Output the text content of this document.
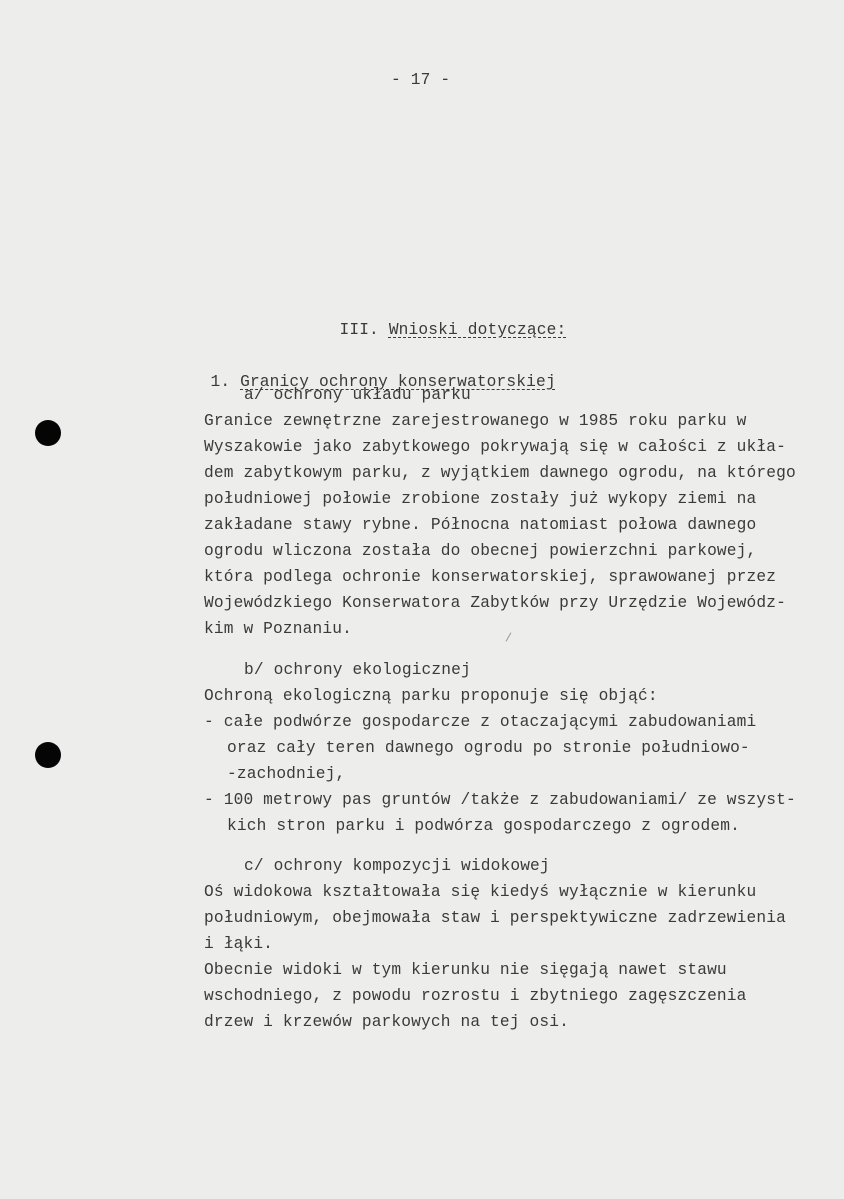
- 17 -

III. Wnioski dotyczące:

1. Granicy ochrony konserwatorskiej

a/ ochrony układu parku
Granice zewnętrzne zarejestrowanego w 1985 roku parku w
Wyszakowie jako zabytkowego pokrywają się w całości z ukła-
dem zabytkowym parku, z wyjątkiem dawnego ogrodu, na którego
południowej połowie zrobione zostały już wykopy ziemi na
zakładane stawy rybne. Północna natomiast połowa dawnego
ogrodu wliczona została do obecnej powierzchni parkowej,
która podlega ochronie konserwatorskiej, sprawowanej przez
Wojewódzkiego Konserwatora Zabytków przy Urzędzie Wojewódz-
kim w Poznaniu.
b/ ochrony ekologicznej
Ochroną ekologiczną parku proponuje się objąć:
- całe podwórze gospodarcze z otaczającymi zabudowaniami
oraz cały teren dawnego ogrodu po stronie południowo-
-zachodniej,
- 100 metrowy pas gruntów /także z zabudowaniami/ ze wszyst-
kich stron parku i podwórza gospodarczego z ogrodem.
c/ ochrony kompozycji widokowej
Oś widokowa kształtowała się kiedyś wyłącznie w kierunku
południowym, obejmowała staw i perspektywiczne zadrzewienia
i łąki.
Obecnie widoki w tym kierunku nie sięgają nawet stawu
wschodniego, z powodu rozrostu i zbytniego zagęszczenia
drzew i krzewów parkowych na tej osi.
